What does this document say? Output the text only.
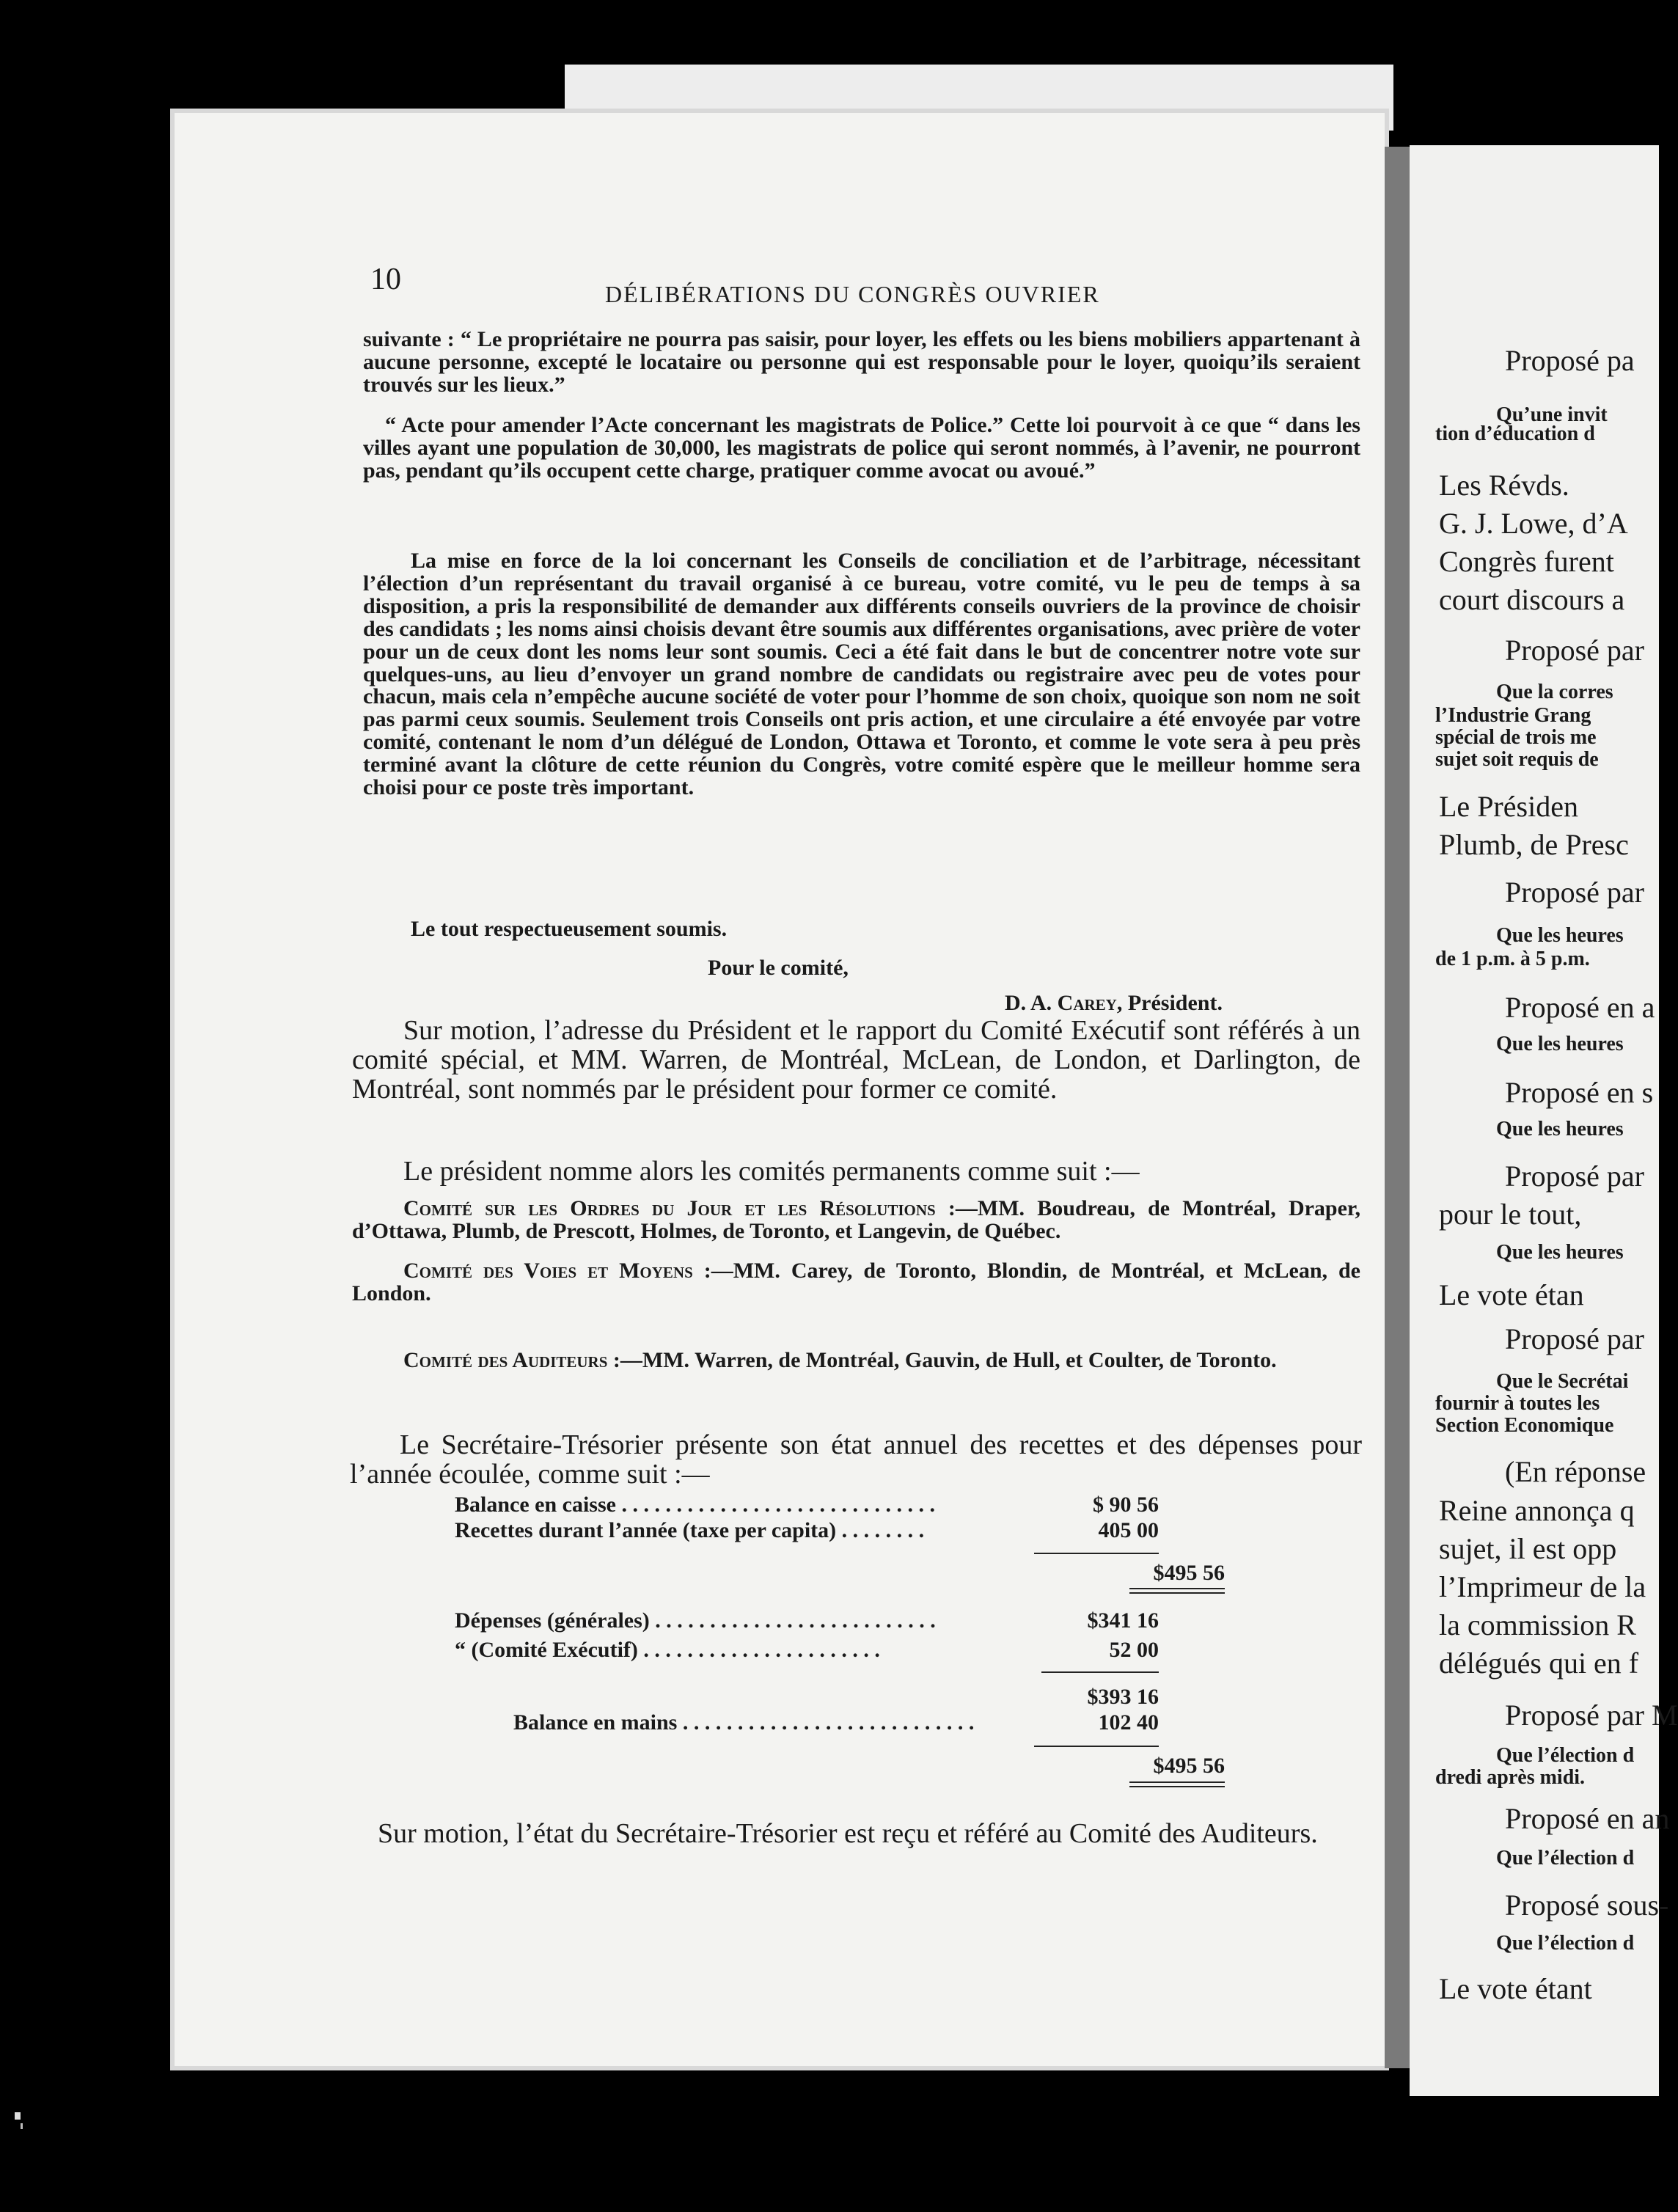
Proposé pa

Qu’une invit

tion d’éducation d

Les Révds.

G. J. Lowe, d’A

Congrès furent

court discours a

Proposé par

Que la corres

l’Industrie Grang

spécial de trois me

sujet soit requis de

Le Présiden

Plumb, de Presc

Proposé par

Que les heures

de 1 p.m. à 5 p.m.

Proposé en a

Que les heures

Proposé en s

Que les heures

Proposé par

pour le tout,

Que les heures

Le vote étan

Proposé par

Que le Secrétai

fournir à toutes les

Section Economique

(En réponse

Reine annonça q

sujet, il est opp

l’Imprimeur de la

la commission R

délégués qui en f

Proposé par M

Que l’élection d

dredi après midi.

Proposé en an

Que l’élection d

Proposé sous-

Que l’élection d

Le vote étant

10	DÉLIBÉRATIONS DU CONGRÈS OUVRIER

suivante : “ Le propriétaire ne pourra pas saisir, pour loyer, les effets ou les biens mobiliers appartenant à aucune personne, excepté le locataire ou personne qui est responsable pour le loyer, quoiqu’ils seraient trouvés sur les lieux.”

“ Acte pour amender l’Acte concernant les magistrats de Police.” Cette loi pourvoit à ce que “ dans les villes ayant une population de 30,000, les magistrats de police qui seront nommés, à l’avenir, ne pourront pas, pendant qu’ils occupent cette charge, pratiquer comme avocat ou avoué.”

La mise en force de la loi concernant les Conseils de conciliation et de l’arbitrage, nécessitant l’élection d’un représentant du travail organisé à ce bureau, votre comité, vu le peu de temps à sa disposition, a pris la responsibilité de demander aux différents conseils ouvriers de la province de choisir des candidats ; les noms ainsi choisis devant être soumis aux différentes organisations, avec prière de voter pour un de ceux dont les noms leur sont soumis. Ceci a été fait dans le but de concentrer notre vote sur quelques-uns, au lieu d’envoyer un grand nombre de candidats ou registraire avec peu de votes pour chacun, mais cela n’empêche aucune société de voter pour l’homme de son choix, quoique son nom ne soit pas parmi ceux soumis. Seulement trois Conseils ont pris action, et une circulaire a été envoyée par votre comité, contenant le nom d’un délégué de London, Ottawa et Toronto, et comme le vote sera à peu près terminé avant la clôture de cette réunion du Congrès, votre comité espère que le meilleur homme sera choisi pour ce poste très important.

Le tout respectueusement soumis.

Pour le comité,

D. A. Carey, Président.

Sur motion, l’adresse du Président et le rapport du Comité Exécutif sont référés à un comité spécial, et MM. Warren, de Montréal, McLean, de London, et Darlington, de Montréal, sont nommés par le président pour former ce comité.

Le président nomme alors les comités permanents comme suit :—

Comité sur les Ordres du Jour et les Résolutions :—MM. Boudreau, de Montréal, Draper, d’Ottawa, Plumb, de Prescott, Holmes, de Toronto, et Langevin, de Québec.

Comité des Voies et Moyens :—MM. Carey, de Toronto, Blondin, de Montréal, et McLean, de London.

Comité des Auditeurs :—MM. Warren, de Montréal, Gauvin, de Hull, et Coulter, de Toronto.

Le Secrétaire-Trésorier présente son état annuel des recettes et des dépenses pour l’année écoulée, comme suit :—

Balance en caisse . . . . . . . . . . . . . . . . . . . . . . . . . . . . .	$ 90 56
Recettes durant l’année (taxe per capita) . . . . . . . .	405 00
$495 56
Dépenses (générales) . . . . . . . . . . . . . . . . . . . . . . . . . .	$341 16
“ (Comité Exécutif) . . . . . . . . . . . . . . . . . . . . . .	52 00
$393 16
Balance en mains . . . . . . . . . . . . . . . . . . . . . . . . . . .	102 40
$495 56

Sur motion, l’état du Secrétaire-Trésorier est reçu et référé au Comité des Auditeurs.
